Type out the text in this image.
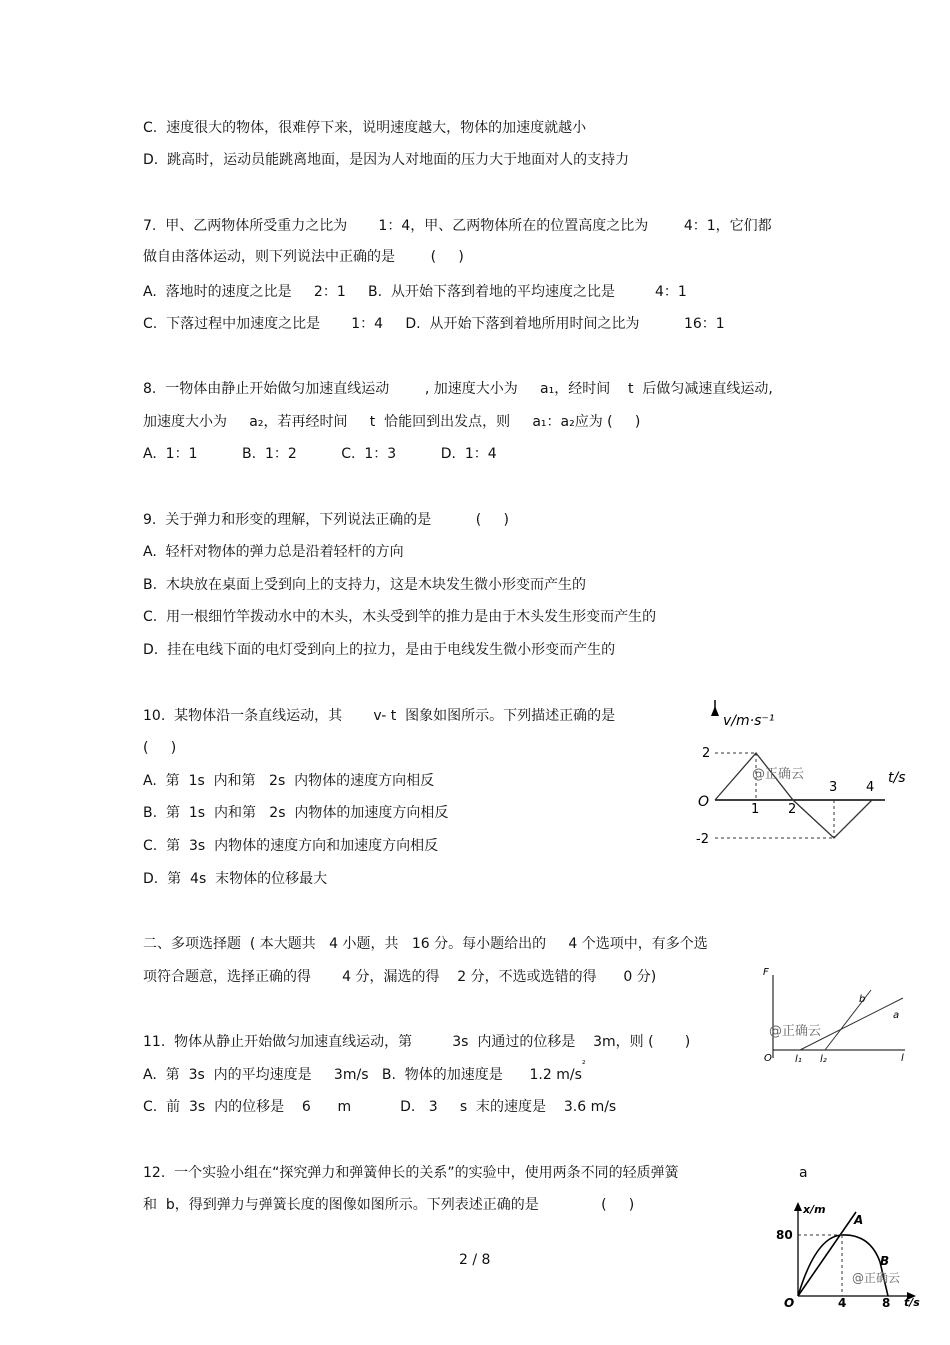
C.  速度很大的物体，很难停下来，说明速度越大，物体的加速度就越小
D.  跳高时，运动员能跳离地面，是因为人对地面的压力大于地面对人的支持力
7.  甲、乙两物体所受重力之比为       1：4，甲、乙两物体所在的位置高度之比为        4：1，它们都
做自由落体运动，则下列说法中正确的是        (     )
A.  落地时的速度之比是     2：1     B.  从开始下落到着地的平均速度之比是         4：1
C.  下落过程中加速度之比是       1：4     D.  从开始下落到着地所用时间之比为          16：1
8.  一物体由静止开始做匀加速直线运动        , 加速度大小为     a₁，经时间    t  后做匀减速直线运动,
加速度大小为     a₂，若再经时间     t  恰能回到出发点，则     a₁：a₂应为 (     )
A.  1：1          B.  1：2          C.  1：3          D.  1：4
9.  关于弹力和形变的理解，下列说法正确的是          (     )
A.  轻杆对物体的弹力总是沿着轻杆的方向
B.  木块放在桌面上受到向上的支持力，这是木块发生微小形变而产生的
C.  用一根细竹竿拨动水中的木头，木头受到竿的推力是由于木头发生形变而产生的
D.  挂在电线下面的电灯受到向上的拉力，是由于电线发生微小形变而产生的
10.  某物体沿一条直线运动，其       v- t  图象如图所示。下列描述正确的是
(     )
A.  第  1s  内和第   2s  内物体的速度方向相反
B.  第  1s  内和第   2s  内物体的加速度方向相反
C.  第  3s  内物体的速度方向和加速度方向相反
D.  第  4s  末物体的位移最大
二、多项选择题  ( 本大题共   4 小题，共   16 分。每小题给出的     4 个选项中，有多个选
项符合题意，选择正确的得       4 分，漏选的得    2 分，不选或选错的得      0 分)
11.  物体从静止开始做匀加速直线运动，第         3s  内通过的位移是    3m，则 (       )
A.  第  3s  内的平均速度是     3m/s   B.  物体的加速度是      1.2 m/s
²
C.  前  3s  内的位移是    6      m           D.   3     s  末的速度是    3.6 m/s
12.  一个实验小组在“探究弹力和弹簧伸长的关系”的实验中，使用两条不同的轻质弹簧	a
和  b，得到弹力与弹簧长度的图像如图所示。下列表述正确的是              (     )
2 / 8
v/m·s⁻¹
t/s
O
2
-2
1 2
3 4
@正确云
F
l
O l₁ l₂
b
a
@正确云
x/m
t/s
O
80
4	8
A
B
@正确云
